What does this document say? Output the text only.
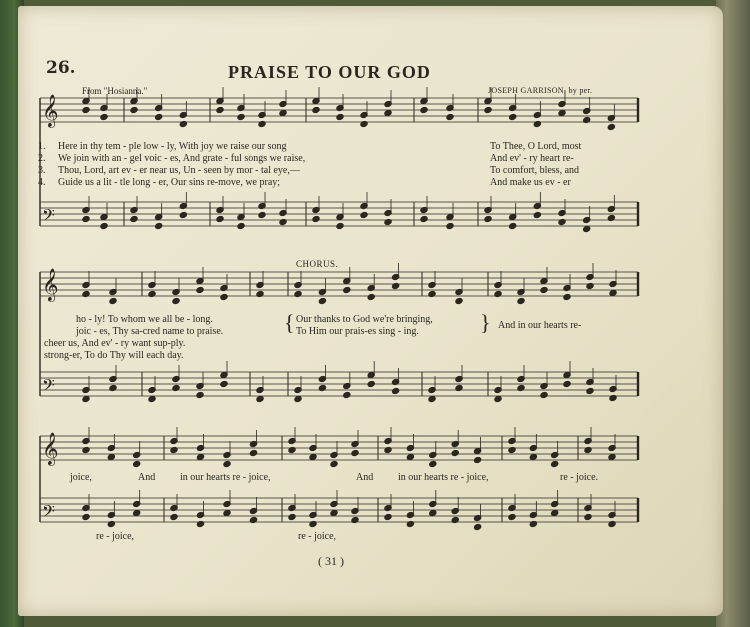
𝄞
𝄢
𝄞
𝄢
𝄞
𝄢
26.	PRAISE TO OUR GOD
From "Hosianna."	JOSEPH GARRISON, by per.
1.
2.
3.
4.
Here in thy tem - ple low - ly, With joy we raise our song
We join with an - gel voic - es, And grate - ful songs we raise,
Thou, Lord, art ev - er near us, Un - seen by mor - tal eye,—
Guide us a lit - tle long - er, Our sins re-move, we pray;
To Thee, O Lord, most
And ev' - ry heart re-
To comfort, bless, and
And make us ev - er
CHORUS.
ho - ly! To whom we all be - long.
joic - es, Thy sa-cred name to praise.
cheer us, And ev' - ry want sup-ply.
strong-er, To do Thy will each day.
{ Our thanks to God we're bringing,
To Him our prais-es sing - ing.	} And in our hearts re-
joice,	And in our hearts re - joice,	And in our hearts re - joice,	re - joice.
re - joice,	re - joice,
( 31 )
